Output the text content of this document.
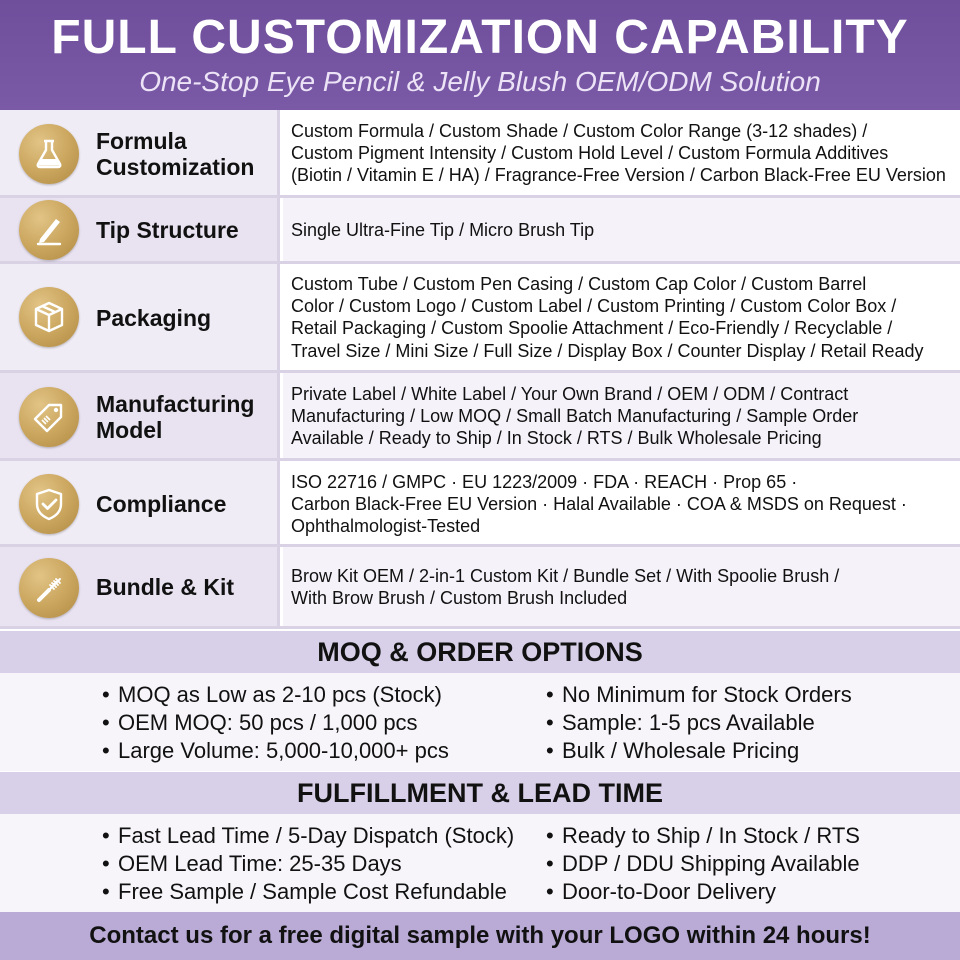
FULL CUSTOMIZATION CAPABILITY
One-Stop Eye Pencil & Jelly Blush OEM/ODM Solution
Formula
Customization
Custom Formula / Custom Shade / Custom Color Range (3-12 shades) /
Custom Pigment Intensity / Custom Hold Level / Custom Formula Additives
(Biotin / Vitamin E / HA) / Fragrance-Free Version / Carbon Black-Free EU Version
Tip Structure	Single Ultra-Fine Tip / Micro Brush Tip
Packaging
Custom Tube / Custom Pen Casing / Custom Cap Color / Custom Barrel
Color / Custom Logo / Custom Label / Custom Printing / Custom Color Box /
Retail Packaging / Custom Spoolie Attachment / Eco-Friendly / Recyclable /
Travel Size / Mini Size / Full Size / Display Box / Counter Display / Retail Ready
Manufacturing
Model
Private Label / White Label / Your Own Brand / OEM / ODM / Contract
Manufacturing / Low MOQ / Small Batch Manufacturing / Sample Order
Available / Ready to Ship / In Stock / RTS / Bulk Wholesale Pricing
Compliance
ISO 22716 / GMPC · EU 1223/2009 · FDA · REACH · Prop 65 ·
Carbon Black-Free EU Version · Halal Available · COA & MSDS on Request ·
Ophthalmologist-Tested
Bundle & Kit	Brow Kit OEM / 2-in-1 Custom Kit / Bundle Set / With Spoolie Brush /
With Brow Brush / Custom Brush Included
MOQ & ORDER OPTIONS
• MOQ as Low as 2-10 pcs (Stock)
• OEM MOQ: 50 pcs / 1,000 pcs
• Large Volume: 5,000-10,000+ pcs
• No Minimum for Stock Orders
• Sample: 1-5 pcs Available
• Bulk / Wholesale Pricing
FULFILLMENT & LEAD TIME
• Fast Lead Time / 5-Day Dispatch (Stock)
• OEM Lead Time: 25-35 Days
• Free Sample / Sample Cost Refundable
• Ready to Ship / In Stock / RTS
• DDP / DDU Shipping Available
• Door-to-Door Delivery
Contact us for a free digital sample with your LOGO within 24 hours!
